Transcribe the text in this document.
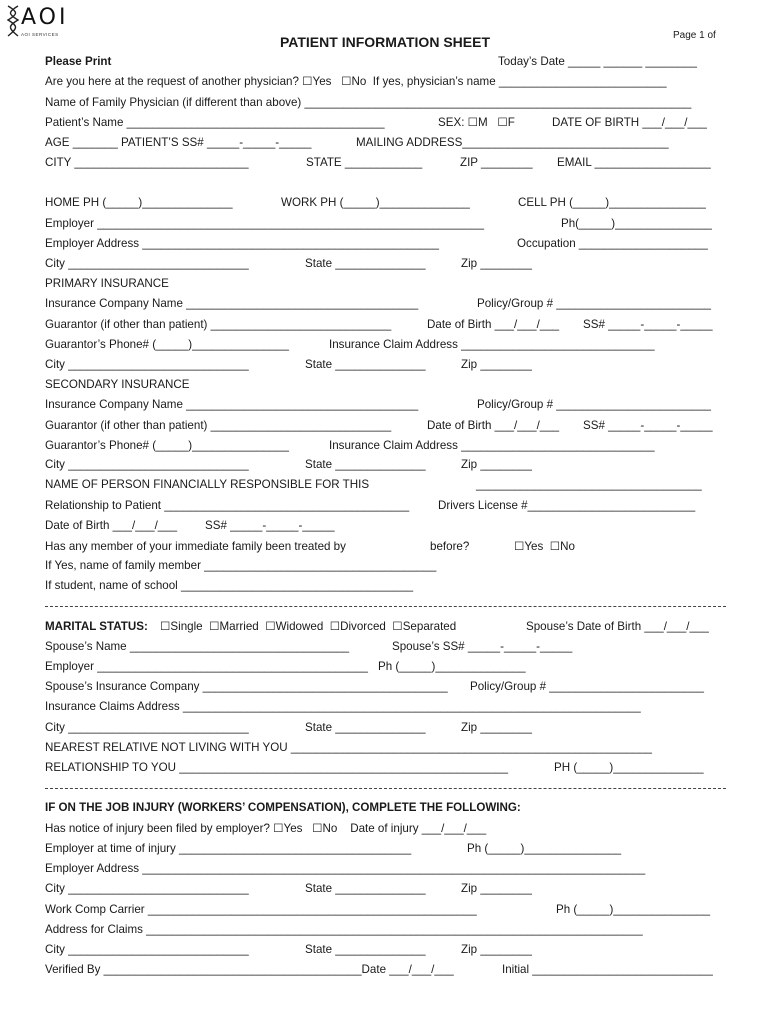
AOI
AOI SERVICES	PATIENT INFORMATION SHEET	Page 1 of
Please Print	Today’s Date _____ ______ ________
Are you here at the request of another physician? ☐Yes   ☐No  If yes, physician’s name __________________________
Name of Family Physician (if different than above) ____________________________________________________________
Patient’s Name ________________________________________	SEX: ☐M   ☐F	DATE OF BIRTH ___/___/___
AGE _______ PATIENT’S SS# _____-_____-_____	MAILING ADDRESS________________________________
CITY ___________________________	STATE ____________	ZIP ________ EMAIL __________________
HOME PH (_____)______________	WORK PH (_____)______________	CELL PH (_____)_______________
Employer ____________________________________________________________	Ph(_____)_______________
Employer Address ______________________________________________	Occupation ____________________
City ____________________________	State ______________	Zip ________
PRIMARY INSURANCE
Insurance Company Name ____________________________________	Policy/Group # ________________________
Guarantor (if other than patient) ____________________________	Date of Birth ___/___/___ SS# _____-_____-_____
Guarantor’s Phone# (_____)_______________	Insurance Claim Address ______________________________
City ____________________________	State ______________	Zip ________
SECONDARY INSURANCE
Insurance Company Name ____________________________________	Policy/Group # ________________________
Guarantor (if other than patient) ____________________________	Date of Birth ___/___/___ SS# _____-_____-_____
Guarantor’s Phone# (_____)_______________	Insurance Claim Address ______________________________
City ____________________________	State ______________	Zip ________
NAME OF PERSON FINANCIALLY RESPONSIBLE FOR THIS	___________________________________
Relationship to Patient ______________________________________ Drivers License #__________________________
Date of Birth ___/___/___ SS# _____-_____-_____
Has any member of your immediate family been treated by	before?	☐Yes  ☐No
If Yes, name of family member ____________________________________
If student, name of school ____________________________________
MARITAL STATUS: ☐Single  ☐Married  ☐Widowed  ☐Divorced  ☐Separated	Spouse’s Date of Birth ___/___/___
Spouse’s Name __________________________________	Spouse’s SS# _____-_____-_____
Employer __________________________________________ Ph (_____)______________
Spouse’s Insurance Company ______________________________________ Policy/Group # ________________________
Insurance Claims Address _______________________________________________________________________
City ____________________________	State ______________	Zip ________
NEAREST RELATIVE NOT LIVING WITH YOU ________________________________________________________
RELATIONSHIP TO YOU ___________________________________________________	PH (_____)______________
IF ON THE JOB INJURY (WORKERS’ COMPENSATION), COMPLETE THE FOLLOWING:
Has notice of injury been filed by employer? ☐Yes   ☐No    Date of injury ___/___/___
Employer at time of injury ____________________________________	Ph (_____)_______________
Employer Address ______________________________________________________________________________
City ____________________________	State ______________	Zip ________
Work Comp Carrier ___________________________________________________	Ph (_____)_______________
Address for Claims _____________________________________________________________________________
City ____________________________	State ______________	Zip ________
Verified By ________________________________________Date ___/___/___	Initial ____________________________
